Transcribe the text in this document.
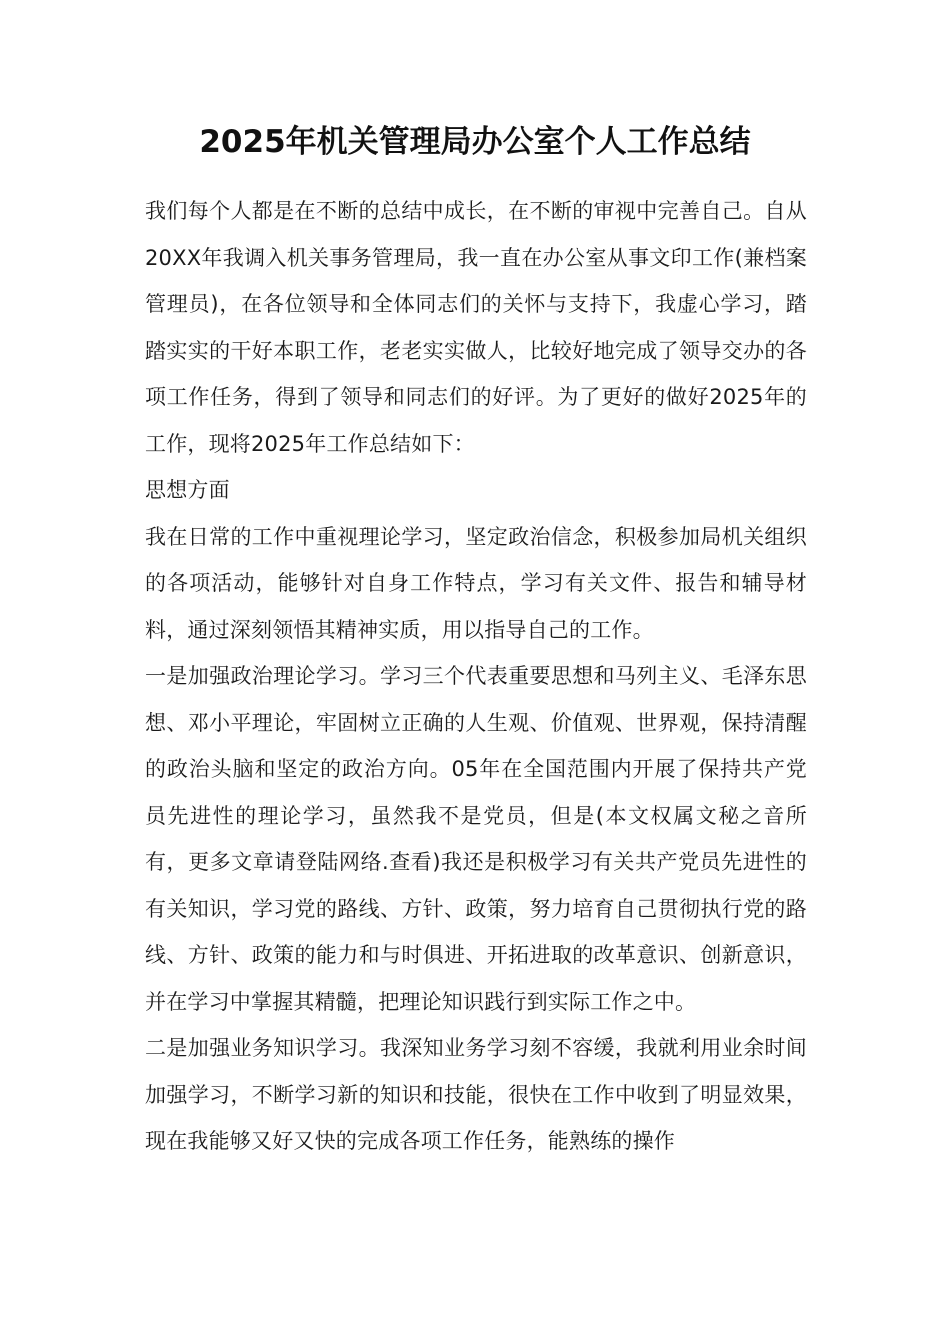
2025年机关管理局办公室个人工作总结

我们每个人都是在不断的总结中成长，在不断的审视中完善自己。自从20XX年我调入机关事务管理局，我一直在办公室从事文印工作(兼档案管理员)，在各位领导和全体同志们的关怀与支持下，我虚心学习，踏踏实实的干好本职工作，老老实实做人，比较好地完成了领导交办的各项工作任务，得到了领导和同志们的好评。为了更好的做好2025年的工作，现将2025年工作总结如下：

思想方面

我在日常的工作中重视理论学习，坚定政治信念，积极参加局机关组织的各项活动，能够针对自身工作特点，学习有关文件、报告和辅导材料，通过深刻领悟其精神实质，用以指导自己的工作。

一是加强政治理论学习。学习三个代表重要思想和马列主义、毛泽东思想、邓小平理论，牢固树立正确的人生观、价值观、世界观，保持清醒的政治头脑和坚定的政治方向。05年在全国范围内开展了保持共产党员先进性的理论学习，虽然我不是党员，但是(本文权属文秘之音所有，更多文章请登陆网络.查看)我还是积极学习有关共产党员先进性的有关知识，学习党的路线、方针、政策，努力培育自己贯彻执行党的路线、方针、政策的能力和与时俱进、开拓进取的改革意识、创新意识，并在学习中掌握其精髓，把理论知识践行到实际工作之中。

二是加强业务知识学习。我深知业务学习刻不容缓，我就利用业余时间加强学习，不断学习新的知识和技能，很快在工作中收到了明显效果，现在我能够又好又快的完成各项工作任务，能熟练的操作
